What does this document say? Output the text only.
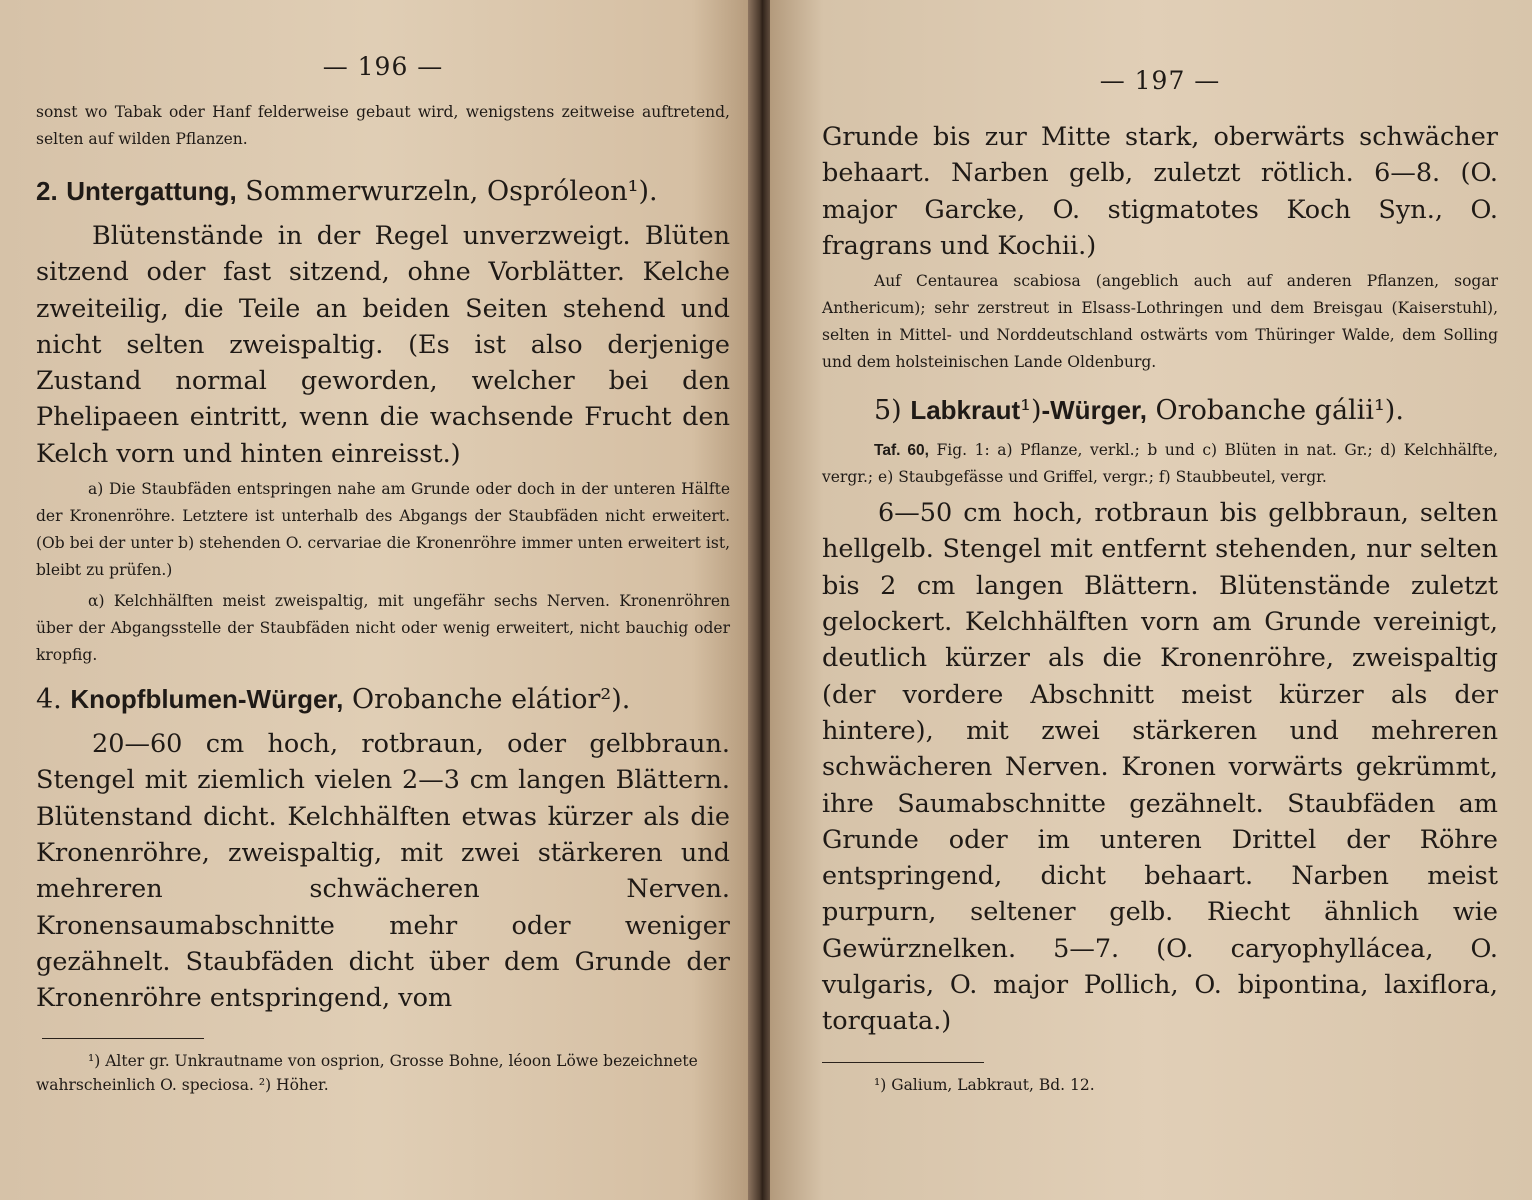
— 196 —

sonst wo Tabak oder Hanf felderweise gebaut wird, wenigstens zeitweise auftretend, selten auf wilden Pflanzen.

2. Untergattung, Sommerwurzeln, Osprόleon¹).

Blütenstände in der Regel unverzweigt. Blüten sitzend oder fast sitzend, ohne Vorblätter. Kelche zweiteilig, die Teile an beiden Seiten stehend und nicht selten zweispaltig. (Es ist also derjenige Zustand normal geworden, welcher bei den Phelipaeen eintritt, wenn die wachsende Frucht den Kelch vorn und hinten einreisst.)

a) Die Staubfäden entspringen nahe am Grunde oder doch in der unteren Hälfte der Kronenröhre. Letztere ist unterhalb des Abgangs der Staubfäden nicht erweitert. (Ob bei der unter b) stehenden O. cervariae die Kronenröhre immer unten erweitert ist, bleibt zu prüfen.)

α) Kelchhälften meist zweispaltig, mit ungefähr sechs Nerven. Kronenröhren über der Abgangsstelle der Staubfäden nicht oder wenig erweitert, nicht bauchig oder kropfig.

4. Knopfblumen-Würger, Orobanche elátior²).

20—60 cm hoch, rotbraun, oder gelbbraun. Stengel mit ziemlich vielen 2—3 cm langen Blättern. Blütenstand dicht. Kelchhälften etwas kürzer als die Kronenröhre, zweispaltig, mit zwei stärkeren und mehreren schwächeren Nerven. Kronensaumabschnitte mehr oder weniger gezähnelt. Staubfäden dicht über dem Grunde der Kronenröhre entspringend, vom

¹) Alter gr. Unkrautname von osprion, Grosse Bohne, léoon Löwe bezeichnete wahrscheinlich O. speciosa. ²) Höher.

— 197 —

Grunde bis zur Mitte stark, oberwärts schwächer behaart. Narben gelb, zuletzt rötlich. 6—8. (O. major Garcke, O. stigmatotes Koch Syn., O. fragrans und Kochii.)

Auf Centaurea scabiosa (angeblich auch auf anderen Pflanzen, sogar Anthericum); sehr zerstreut in Elsass-Lothringen und dem Breisgau (Kaiserstuhl), selten in Mittel- und Norddeutschland ostwärts vom Thüringer Walde, dem Solling und dem holsteinischen Lande Oldenburg.

5) Labkraut¹)-Würger, Orobanche gálii¹).

Taf. 60, Fig. 1: a) Pflanze, verkl.; b und c) Blüten in nat. Gr.; d) Kelchhälfte, vergr.; e) Staubgefässe und Griffel, vergr.; f) Staubbeutel, vergr.

6—50 cm hoch, rotbraun bis gelbbraun, selten hellgelb. Stengel mit entfernt stehenden, nur selten bis 2 cm langen Blättern. Blütenstände zuletzt gelockert. Kelchhälften vorn am Grunde vereinigt, deutlich kürzer als die Kronenröhre, zweispaltig (der vordere Abschnitt meist kürzer als der hintere), mit zwei stärkeren und mehreren schwächeren Nerven. Kronen vorwärts gekrümmt, ihre Saumabschnitte gezähnelt. Staubfäden am Grunde oder im unteren Drittel der Röhre entspringend, dicht behaart. Narben meist purpurn, seltener gelb. Riecht ähnlich wie Gewürznelken. 5—7. (O. caryophyllácea, O. vulgaris, O. major Pollich, O. bipontina, laxiflora, torquata.)

¹) Galium, Labkraut, Bd. 12.
